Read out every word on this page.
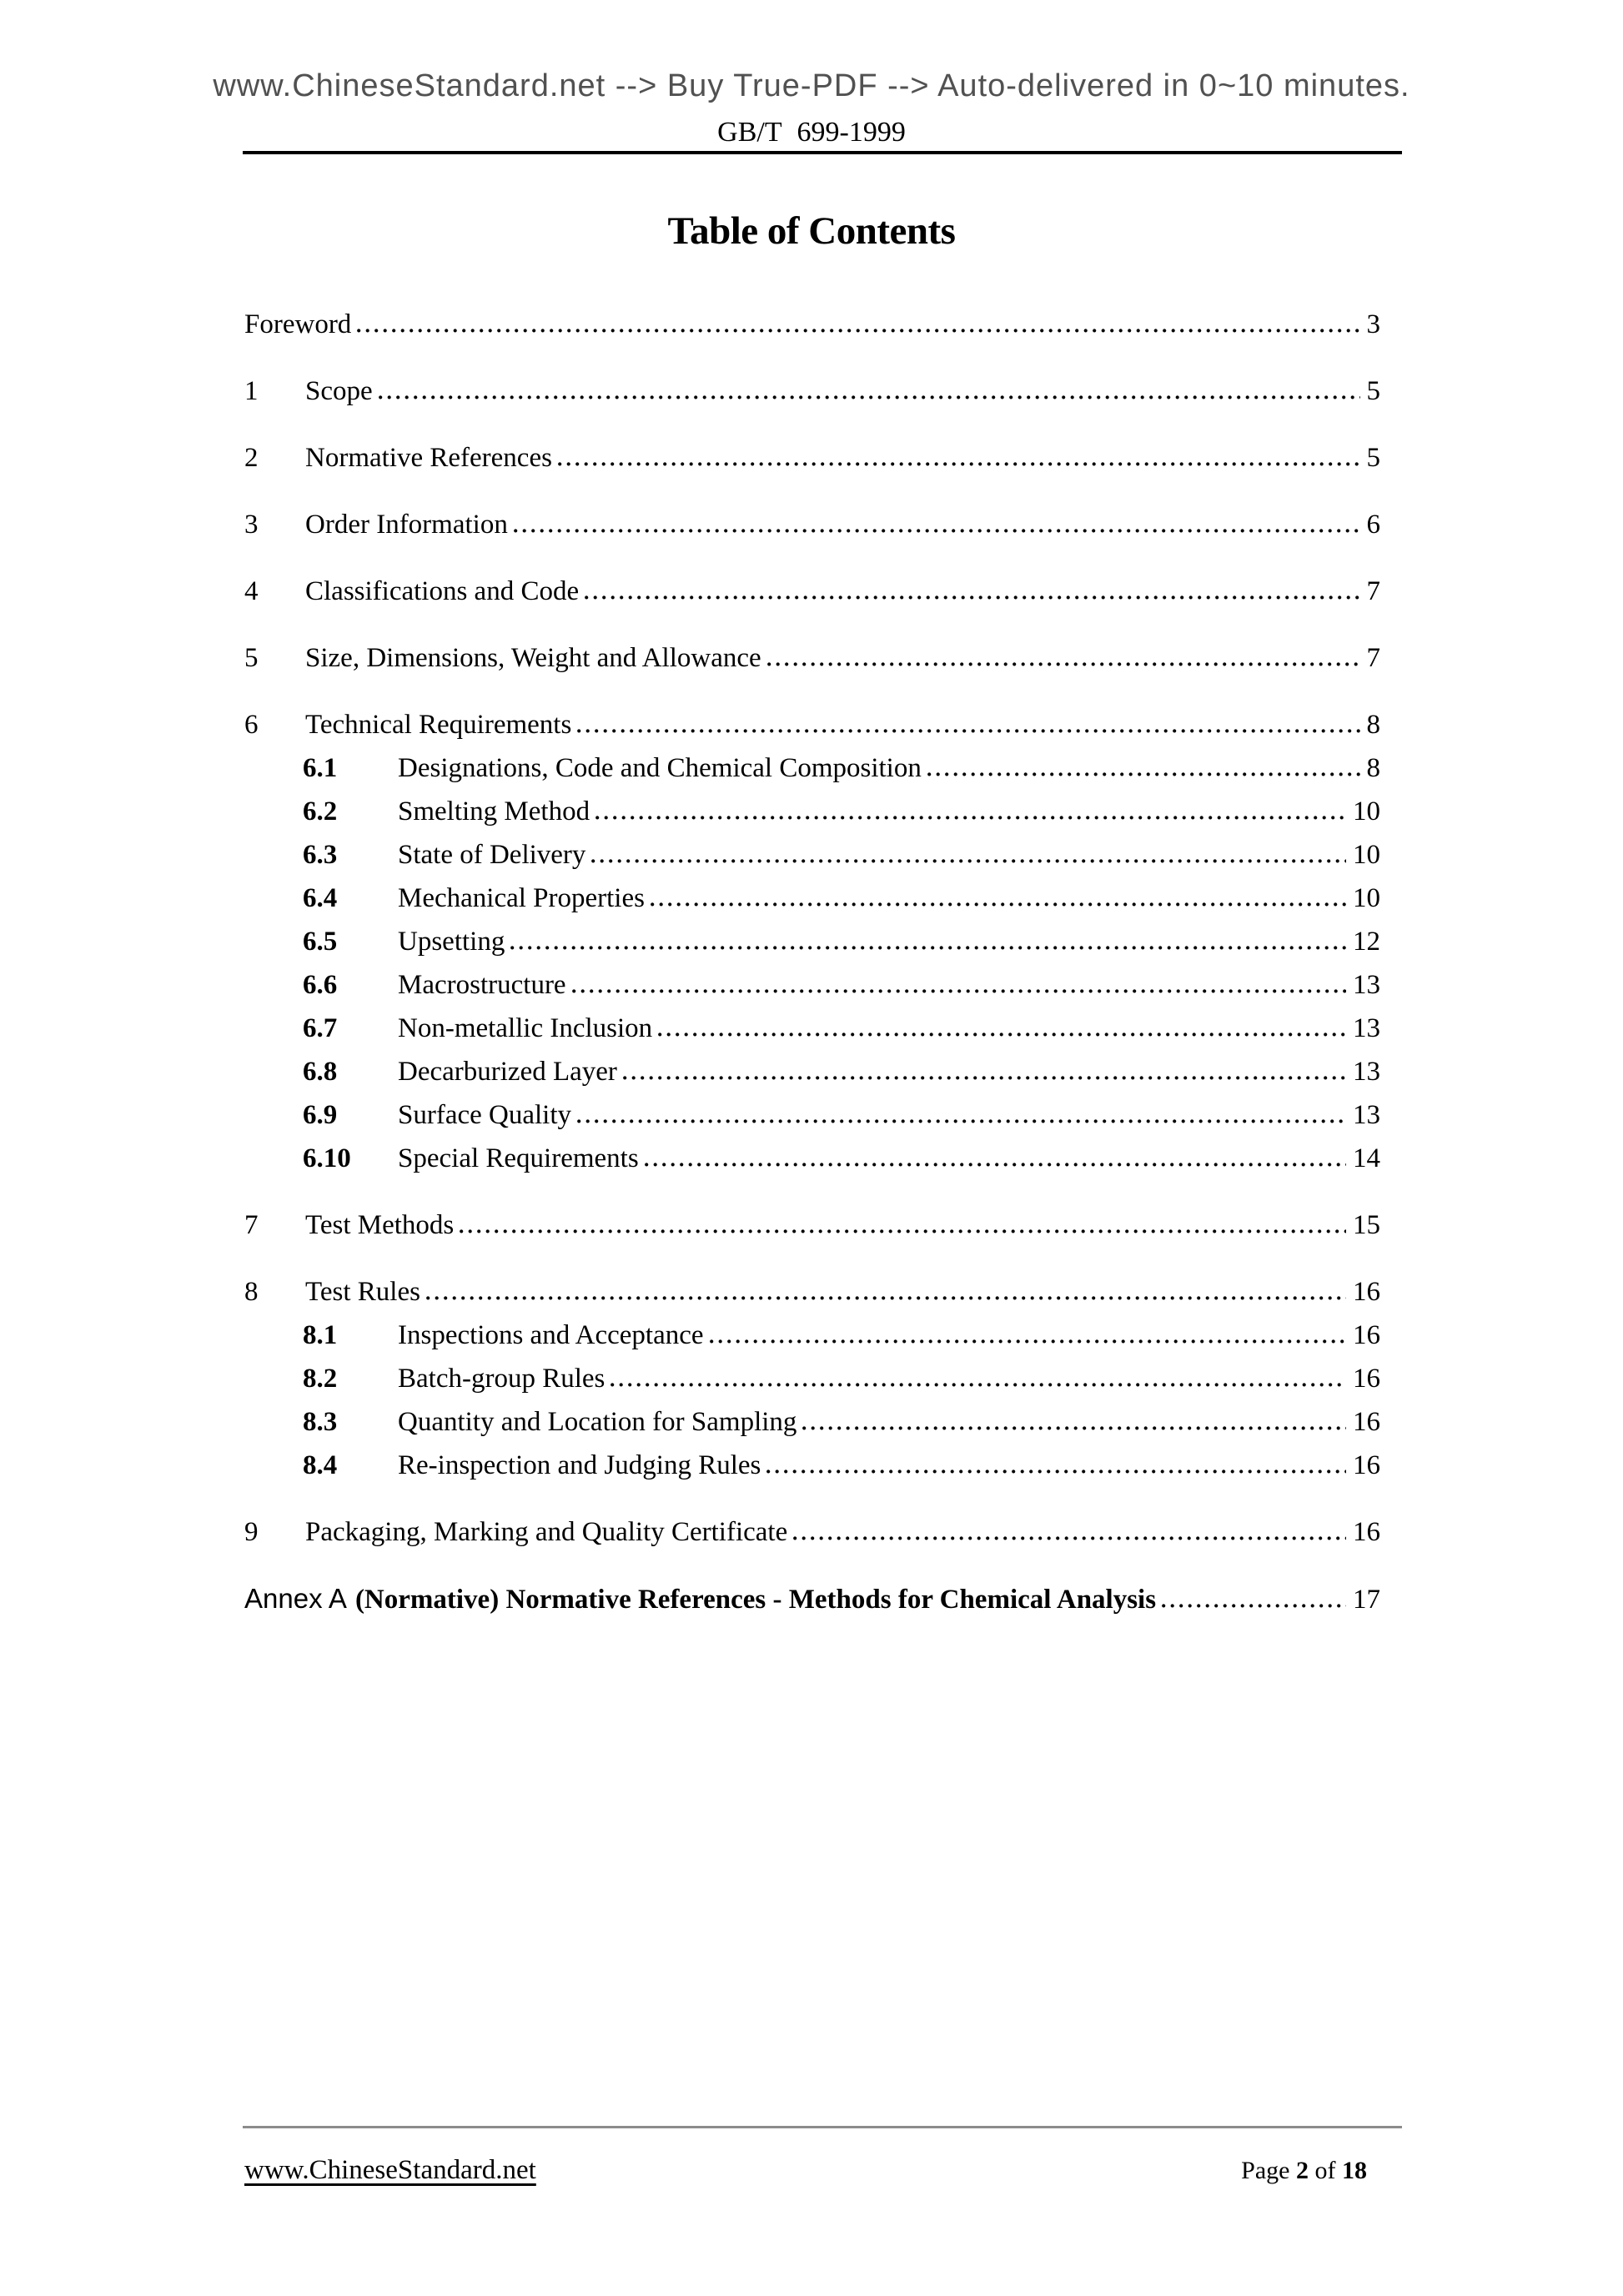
www.ChineseStandard.net --> Buy True-PDF --> Auto-delivered in 0~10 minutes.
GB/T 699-1999
Table of Contents
Foreword	3
1	Scope	5
2	Normative References	5
3	Order Information	6
4	Classifications and Code	7
5	Size, Dimensions, Weight and Allowance	7
6	Technical Requirements	8
6.1	Designations, Code and Chemical Composition	8
6.2	Smelting Method	10
6.3	State of Delivery	10
6.4	Mechanical Properties	10
6.5	Upsetting	12
6.6	Macrostructure	13
6.7	Non-metallic Inclusion	13
6.8	Decarburized Layer	13
6.9	Surface Quality	13
6.10	Special Requirements	14
7	Test Methods	15
8	Test Rules	16
8.1	Inspections and Acceptance	16
8.2	Batch-group Rules	16
8.3	Quantity and Location for Sampling	16
8.4	Re-inspection and Judging Rules	16
9	Packaging, Marking and Quality Certificate	16
Annex A (Normative) Normative References - Methods for Chemical Analysis	17
www.ChineseStandard.net	Page 2 of 18
